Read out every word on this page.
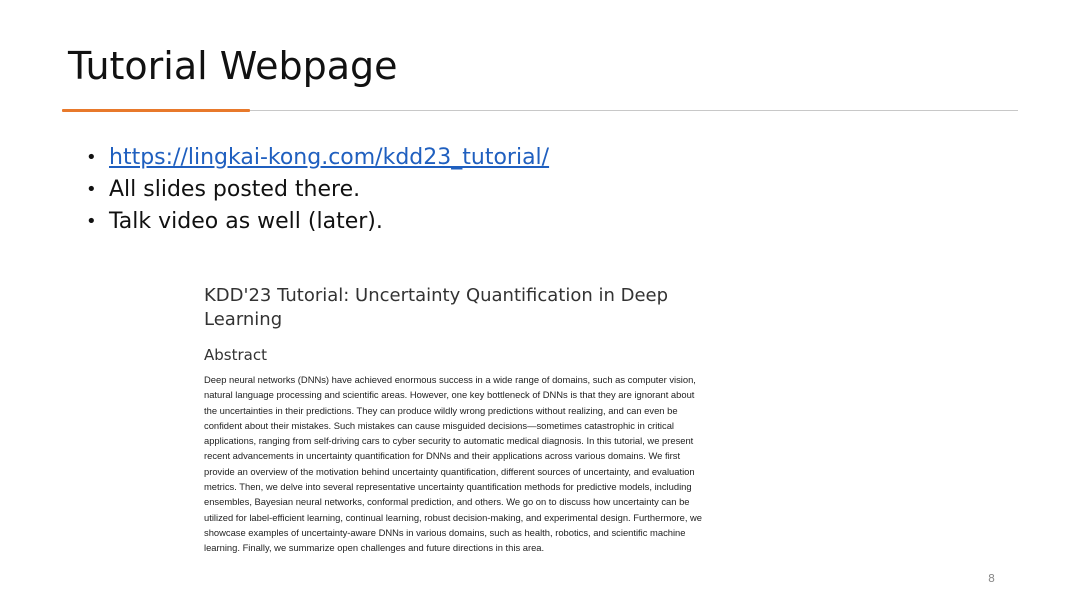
Tutorial Webpage
• https://lingkai-kong.com/kdd23_tutorial/
• All slides posted there.
• Talk video as well (later).
KDD'23 Tutorial: Uncertainty Quantification in Deep Learning
Abstract
Deep neural networks (DNNs) have achieved enormous success in a wide range of domains, such as computer vision,
natural language processing and scientific areas. However, one key bottleneck of DNNs is that they are ignorant about
the uncertainties in their predictions. They can produce wildly wrong predictions without realizing, and can even be
confident about their mistakes. Such mistakes can cause misguided decisions—sometimes catastrophic in critical
applications, ranging from self-driving cars to cyber security to automatic medical diagnosis. In this tutorial, we present
recent advancements in uncertainty quantification for DNNs and their applications across various domains. We first
provide an overview of the motivation behind uncertainty quantification, different sources of uncertainty, and evaluation
metrics. Then, we delve into several representative uncertainty quantification methods for predictive models, including
ensembles, Bayesian neural networks, conformal prediction, and others. We go on to discuss how uncertainty can be
utilized for label-efficient learning, continual learning, robust decision-making, and experimental design. Furthermore, we
showcase examples of uncertainty-aware DNNs in various domains, such as health, robotics, and scientific machine
learning. Finally, we summarize open challenges and future directions in this area.
8
